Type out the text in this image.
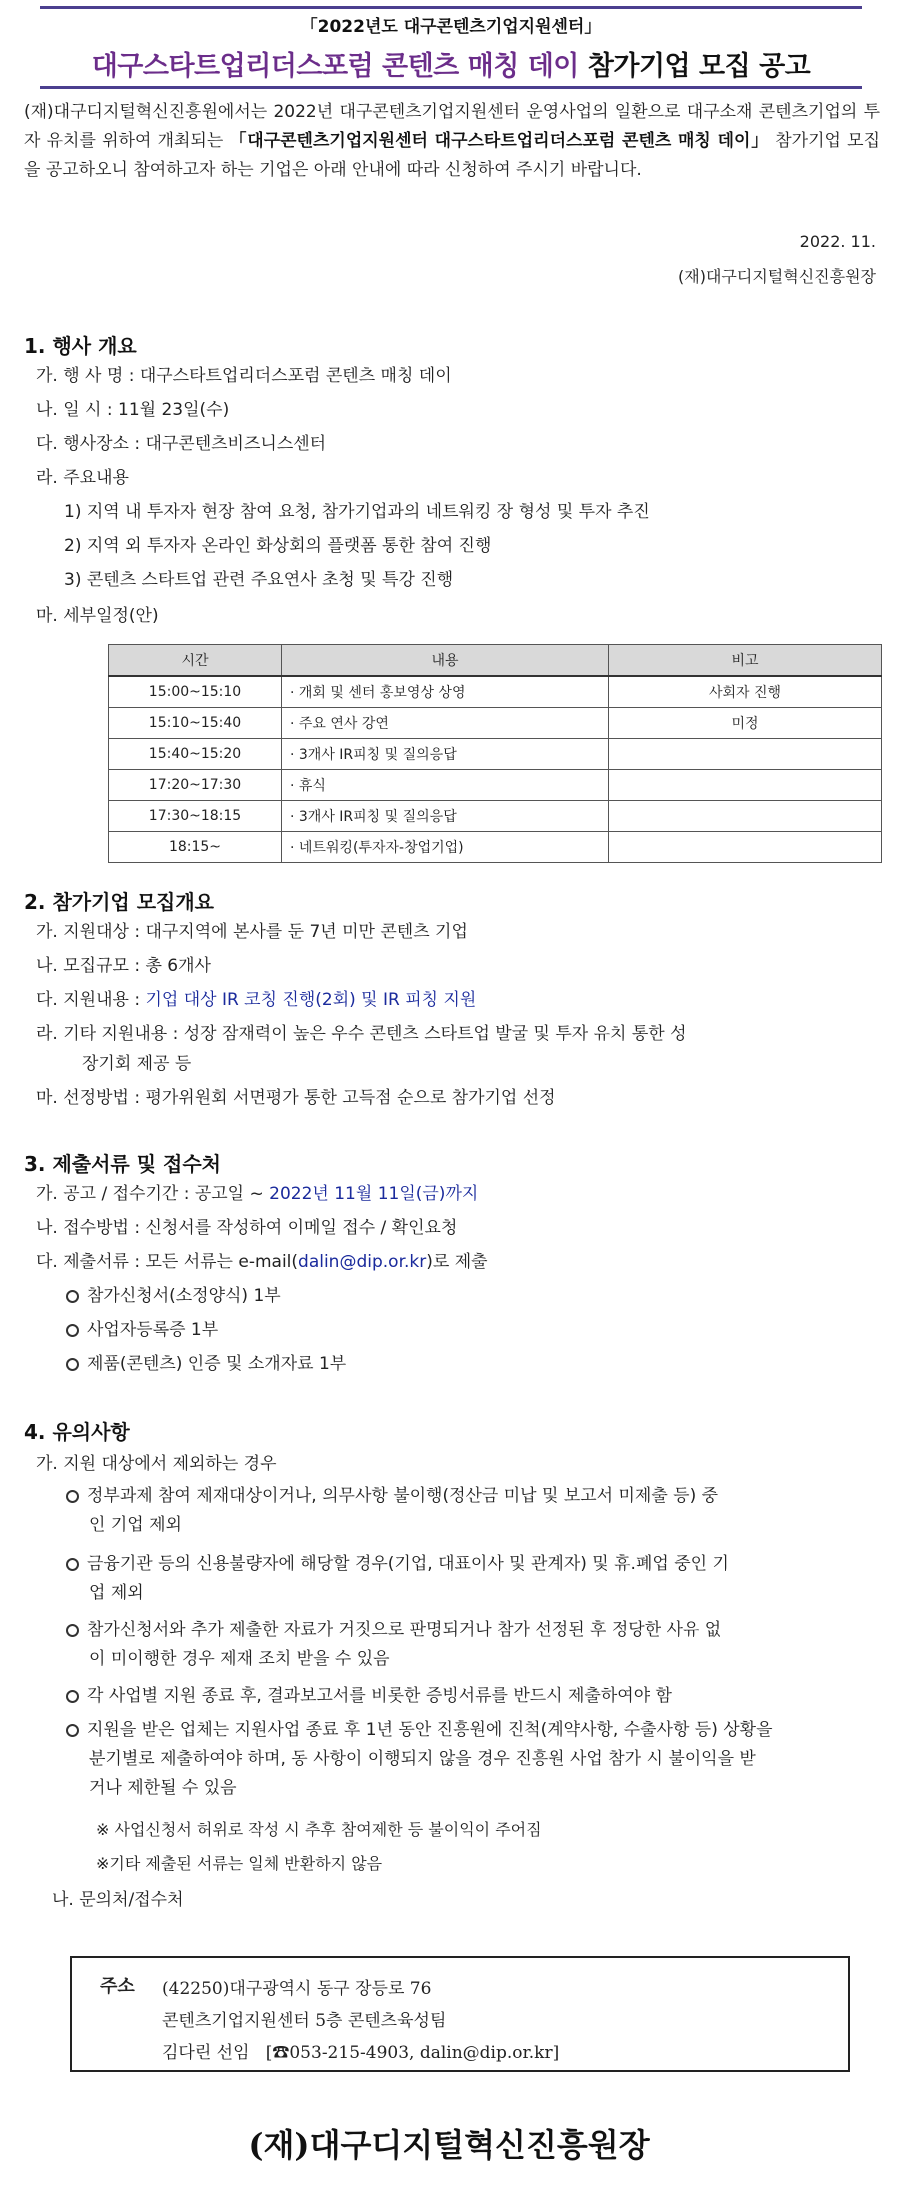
「2022년도 대구콘텐츠기업지원센터」
대구스타트업리더스포럼 콘텐츠 매칭 데이 참가기업 모집 공고
(재)대구디지털혁신진흥원에서는 2022년 대구콘텐츠기업지원센터 운영사업의 일환으로 대구소재 콘텐츠기업의 투자 유치를 위하여 개최되는 「대구콘텐츠기업지원센터 대구스타트업리더스포럼 콘텐츠 매칭 데이」 참가기업 모집을 공고하오니 참여하고자 하는 기업은 아래 안내에 따라 신청하여 주시기 바랍니다.
2022. 11.
(재)대구디지털혁신진흥원장
1. 행사 개요
가. 행 사 명 : 대구스타트업리더스포럼 콘텐츠 매칭 데이
나. 일 시 : 11월 23일(수)
다. 행사장소 : 대구콘텐츠비즈니스센터
라. 주요내용
1) 지역 내 투자자 현장 참여 요청, 참가기업과의 네트워킹 장 형성 및 투자 추진
2) 지역 외 투자자 온라인 화상회의 플랫폼 통한 참여 진행
3) 콘텐츠 스타트업 관련 주요연사 초청 및 특강 진행
마. 세부일정(안)
시간	내용	비고
15:00~15:10	· 개회 및 센터 홍보영상 상영	사회자 진행
15:10~15:40	· 주요 연사 강연	미정
15:40~15:20	· 3개사 IR피칭 및 질의응답	
17:20~17:30	· 휴식	
17:30~18:15	· 3개사 IR피칭 및 질의응답	
18:15~	· 네트워킹(투자자-창업기업)	
2. 참가기업 모집개요
가. 지원대상 : 대구지역에 본사를 둔 7년 미만 콘텐츠 기업
나. 모집규모 : 총 6개사
다. 지원내용 : 기업 대상 IR 코칭 진행(2회) 및 IR 피칭 지원
라. 기타 지원내용 : 성장 잠재력이 높은 우수 콘텐츠 스타트업 발굴 및 투자 유치 통한 성
장기회 제공 등
마. 선정방법 : 평가위원회 서면평가 통한 고득점 순으로 참가기업 선정
3. 제출서류 및 접수처
가. 공고 / 접수기간 : 공고일 ~ 2022년 11월 11일(금)까지
나. 접수방법 : 신청서를 작성하여 이메일 접수 / 확인요청
다. 제출서류 : 모든 서류는 e-mail(dalin@dip.or.kr)로 제출
참가신청서(소정양식) 1부
사업자등록증 1부
제품(콘텐츠) 인증 및 소개자료 1부
4. 유의사항
가. 지원 대상에서 제외하는 경우
정부과제 참여 제재대상이거나, 의무사항 불이행(정산금 미납 및 보고서 미제출 등) 중
인 기업 제외
금융기관 등의 신용불량자에 해당할 경우(기업, 대표이사 및 관계자) 및 휴.폐업 중인 기
업 제외
참가신청서와 추가 제출한 자료가 거짓으로 판명되거나 참가 선정된 후 정당한 사유 없
이 미이행한 경우 제재 조치 받을 수 있음
각 사업별 지원 종료 후, 결과보고서를 비롯한 증빙서류를 반드시 제출하여야 함
지원을 받은 업체는 지원사업 종료 후 1년 동안 진흥원에 진척(계약사항, 수출사항 등) 상황을
분기별로 제출하여야 하며, 동 사항이 이행되지 않을 경우 진흥원 사업 참가 시 불이익을 받
거나 제한될 수 있음
※ 사업신청서 허위로 작성 시 추후 참여제한 등 불이익이 주어짐
※기타 제출된 서류는 일체 반환하지 않음
나. 문의처/접수처
주소 (42250)대구광역시 동구 장등로 76
콘텐츠기업지원센터 5층 콘텐츠육성팀
김다린 선임 [☎053-215-4903, dalin@dip.or.kr]
(재)대구디지털혁신진흥원장
